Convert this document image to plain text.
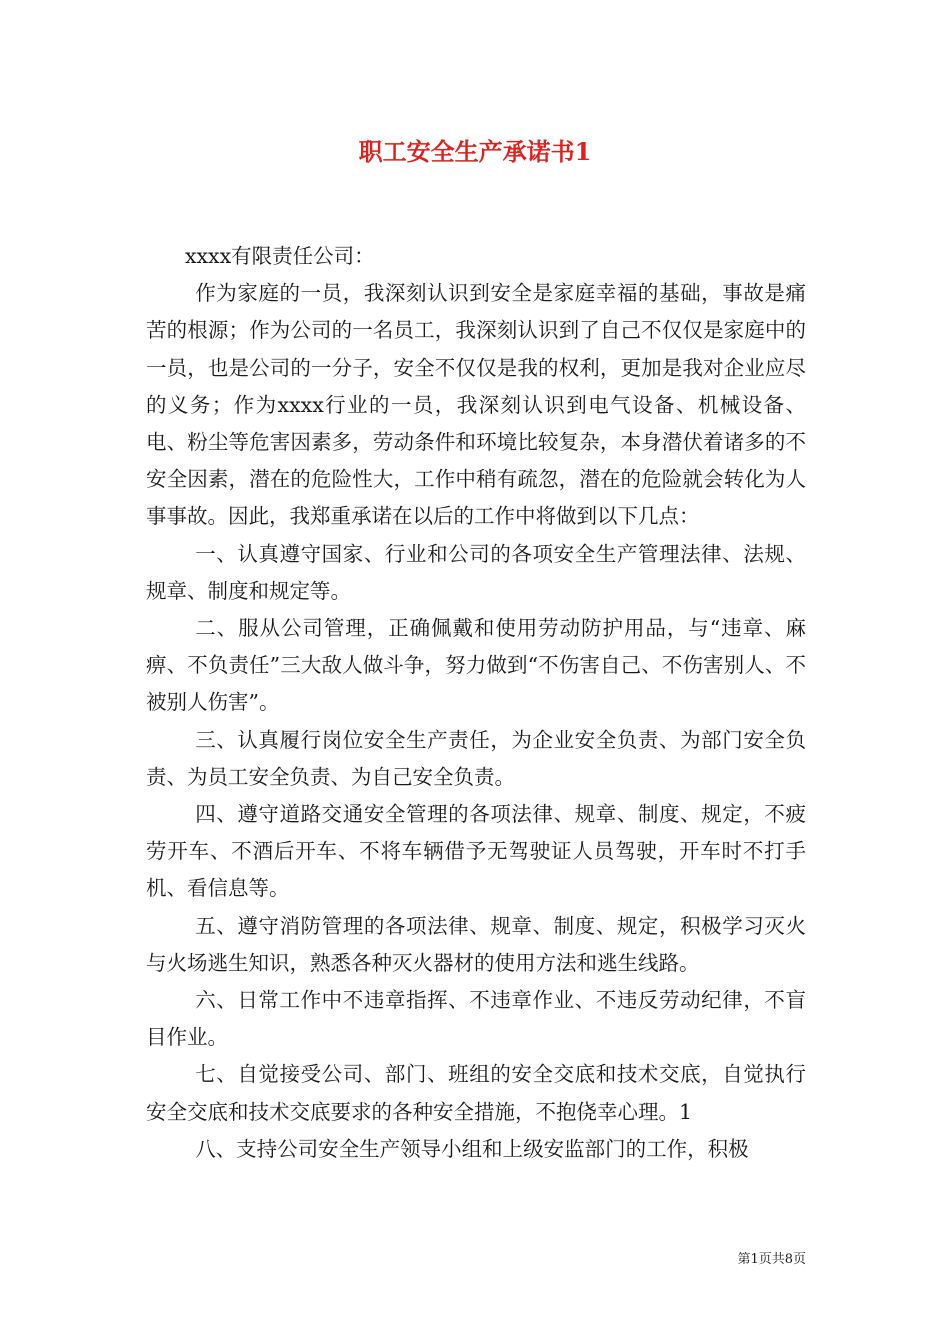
职工安全生产承诺书1

xxxx有限责任公司：

作为家庭的一员，我深刻认识到安全是家庭幸福的基础，事故是痛苦的根源；作为公司的一名员工，我深刻认识到了自己不仅仅是家庭中的一员，也是公司的一分子，安全不仅仅是我的权利，更加是我对企业应尽的义务；作为xxxx行业的一员，我深刻认识到电气设备、机械设备、电、粉尘等危害因素多，劳动条件和环境比较复杂，本身潜伏着诸多的不安全因素，潜在的危险性大，工作中稍有疏忽，潜在的危险就会转化为人事事故。因此，我郑重承诺在以后的工作中将做到以下几点：

一、认真遵守国家、行业和公司的各项安全生产管理法律、法规、规章、制度和规定等。

二、服从公司管理，正确佩戴和使用劳动防护用品，与“违章、麻痹、不负责任”三大敌人做斗争，努力做到“不伤害自己、不伤害别人、不被别人伤害”。

三、认真履行岗位安全生产责任，为企业安全负责、为部门安全负责、为员工安全负责、为自己安全负责。

四、遵守道路交通安全管理的各项法律、规章、制度、规定，不疲劳开车、不酒后开车、不将车辆借予无驾驶证人员驾驶，开车时不打手机、看信息等。

五、遵守消防管理的各项法律、规章、制度、规定，积极学习灭火与火场逃生知识，熟悉各种灭火器材的使用方法和逃生线路。

六、日常工作中不违章指挥、不违章作业、不违反劳动纪律，不盲目作业。

七、自觉接受公司、部门、班组的安全交底和技术交底，自觉执行安全交底和技术交底要求的各种安全措施，不抱侥幸心理。1

八、支持公司安全生产领导小组和上级安监部门的工作，积极

第1页共8页
